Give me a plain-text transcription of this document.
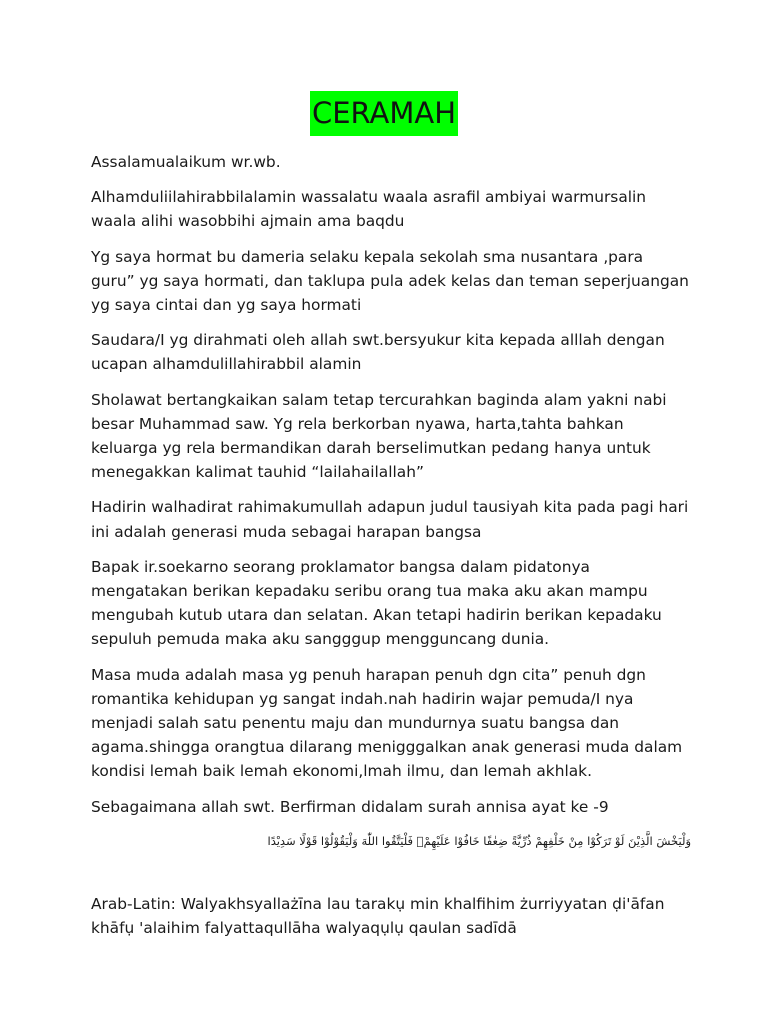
CERAMAH

Assalamualaikum wr.wb.

Alhamduliilahirabbilalamin wassalatu waala asrafil ambiyai warmursalin waala alihi wasobbihi ajmain ama baqdu

Yg saya hormat bu dameria selaku kepala sekolah sma nusantara ‚para guru” yg saya hormati, dan taklupa pula adek kelas dan teman seperjuangan yg saya cintai dan yg saya hormati

Saudara/I yg dirahmati oleh allah swt.bersyukur kita kepada alllah dengan ucapan alhamdulillahirabbil alamin

Sholawat bertangkaikan salam tetap tercurahkan baginda alam yakni nabi besar Muhammad saw. Yg rela berkorban nyawa, harta,tahta bahkan keluarga yg rela bermandikan darah berselimutkan pedang hanya untuk menegakkan kalimat tauhid “lailahailallah”

Hadirin walhadirat rahimakumullah adapun judul tausiyah kita pada pagi hari ini adalah generasi muda sebagai harapan bangsa

Bapak ir.soekarno seorang proklamator bangsa dalam pidatonya mengatakan berikan kepadaku seribu orang tua maka aku akan mampu mengubah kutub utara dan selatan. Akan tetapi hadirin berikan kepadaku sepuluh pemuda maka aku sangggup mengguncang dunia.

Masa muda adalah masa yg penuh harapan penuh dgn cita” penuh dgn romantika kehidupan yg sangat indah.nah hadirin wajar pemuda/I nya menjadi salah satu penentu maju dan mundurnya suatu bangsa dan agama.shingga orangtua dilarang menigggalkan anak generasi muda dalam kondisi lemah baik lemah ekonomi,lmah ilmu, dan lemah akhlak.

Sebagaimana allah swt. Berfirman didalam surah annisa ayat ke -9

وَلْيَخْشَ الَّذِيْنَ لَوْ تَرَكُوْا مِنْ خَلْفِهِمْ ذُرِّيَّةً ضِعٰفًا خَافُوْا عَلَيْهِمْۖ فَلْيَتَّقُوا اللّٰهَ وَلْيَقُوْلُوْا قَوْلًا سَدِيْدًا

Arab-Latin: Walyakhsyallażīna lau tarakụ min khalfihim żurriyyatan ḍi'āfan khāfụ 'alaihim falyattaqullāha walyaqụlụ qaulan sadīdā
